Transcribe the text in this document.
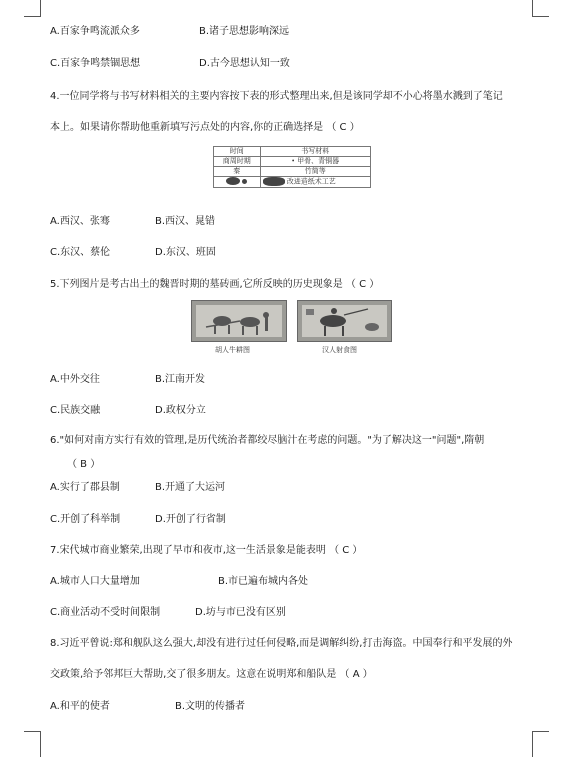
A.百家争鸣流派众多	B.诸子思想影响深远
C.百家争鸣禁锢思想	D.古今思想认知一致
4.一位同学将与书写材料相关的主要内容按下表的形式整理出来,但是该同学却不小心将墨水溅到了笔记
本上。如果请你帮助他重新填写污点处的内容,你的正确选择是 （ C ）
时间	书写材料
商周时期	• 甲骨、青铜器
秦	竹简等
	改进造纸术工艺
A.西汉、张骞	B.西汉、晁错
C.东汉、蔡伦	D.东汉、班固
5.下列图片是考古出土的魏晋时期的墓砖画,它所反映的历史现象是 （ C ）
胡人牛耕图	汉人射食图
A.中外交往	B.江南开发
C.民族交融	D.政权分立
6."如何对南方实行有效的管理,是历代统治者都绞尽脑汁在考虑的问题。"为了解决这一"问题",隋朝
（ B ）
A.实行了郡县制	B.开通了大运河
C.开创了科举制	D.开创了行省制
7.宋代城市商业繁荣,出现了早市和夜市,这一生活景象是能表明 （ C ）
A.城市人口大量增加	B.市已遍布城内各处
C.商业活动不受时间限制	D.坊与市已没有区别
8.习近平曾说:郑和舰队这么强大,却没有进行过任何侵略,而是调解纠纷,打击海盗。中国奉行和平发展的外
交政策,给予邻邦巨大帮助,交了很多朋友。这意在说明郑和船队是 （ A ）
A.和平的使者	B.文明的传播者
